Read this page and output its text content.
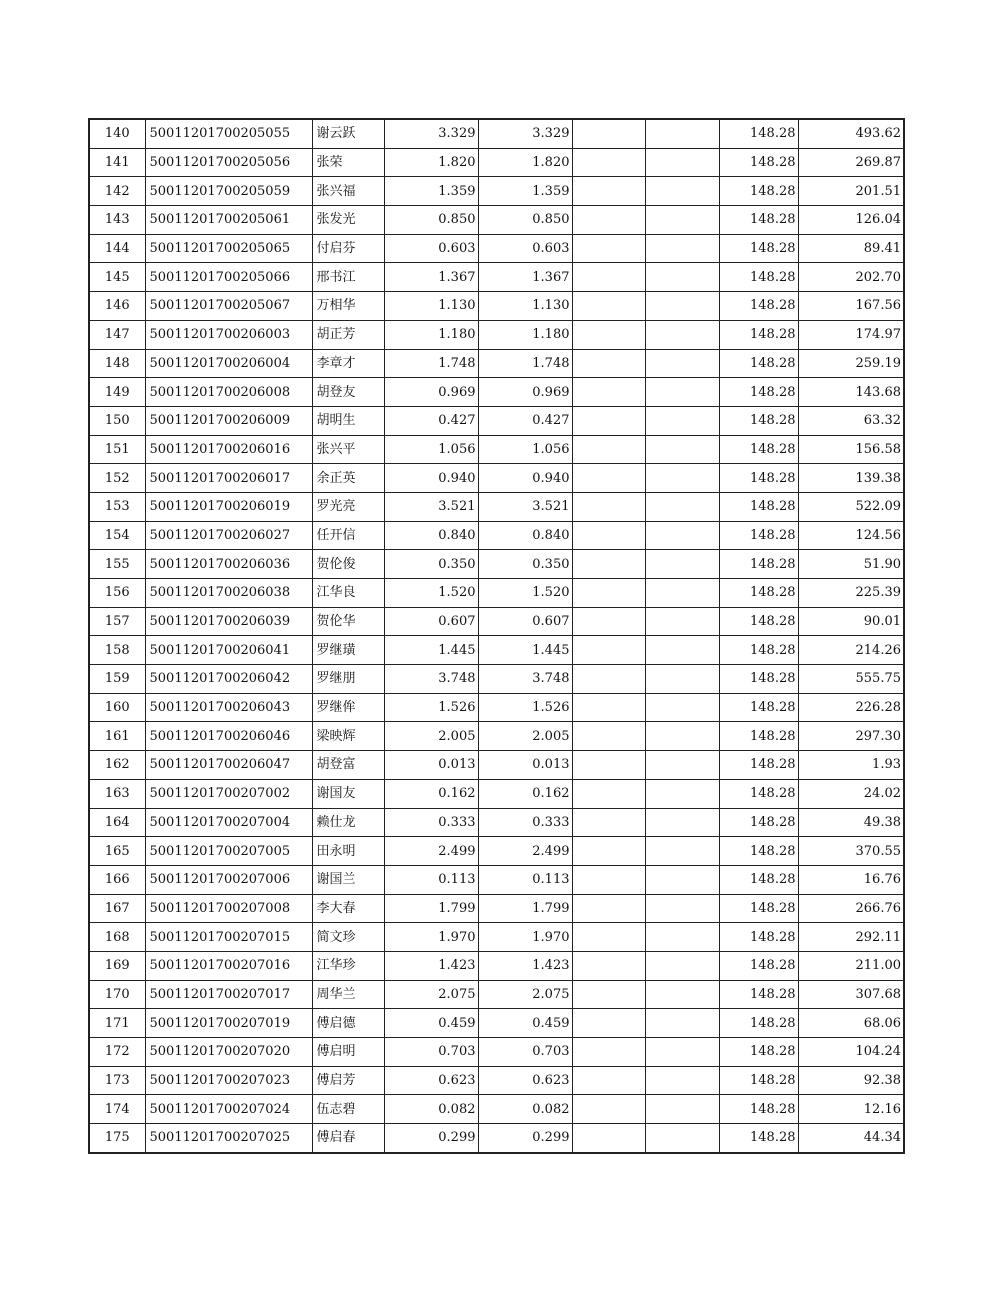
140	50011201700205055	谢云跃	3.329	3.329			148.28	493.62
141	50011201700205056	张荣	1.820	1.820			148.28	269.87
142	50011201700205059	张兴福	1.359	1.359			148.28	201.51
143	50011201700205061	张发光	0.850	0.850			148.28	126.04
144	50011201700205065	付启芬	0.603	0.603			148.28	89.41
145	50011201700205066	邢书江	1.367	1.367			148.28	202.70
146	50011201700205067	万相华	1.130	1.130			148.28	167.56
147	50011201700206003	胡正芳	1.180	1.180			148.28	174.97
148	50011201700206004	李章才	1.748	1.748			148.28	259.19
149	50011201700206008	胡登友	0.969	0.969			148.28	143.68
150	50011201700206009	胡明生	0.427	0.427			148.28	63.32
151	50011201700206016	张兴平	1.056	1.056			148.28	156.58
152	50011201700206017	余正英	0.940	0.940			148.28	139.38
153	50011201700206019	罗光亮	3.521	3.521			148.28	522.09
154	50011201700206027	任开信	0.840	0.840			148.28	124.56
155	50011201700206036	贺伦俊	0.350	0.350			148.28	51.90
156	50011201700206038	江华良	1.520	1.520			148.28	225.39
157	50011201700206039	贺伦华	0.607	0.607			148.28	90.01
158	50011201700206041	罗继璜	1.445	1.445			148.28	214.26
159	50011201700206042	罗继朋	3.748	3.748			148.28	555.75
160	50011201700206043	罗继侔	1.526	1.526			148.28	226.28
161	50011201700206046	梁映辉	2.005	2.005			148.28	297.30
162	50011201700206047	胡登富	0.013	0.013			148.28	1.93
163	50011201700207002	谢国友	0.162	0.162			148.28	24.02
164	50011201700207004	赖仕龙	0.333	0.333			148.28	49.38
165	50011201700207005	田永明	2.499	2.499			148.28	370.55
166	50011201700207006	谢国兰	0.113	0.113			148.28	16.76
167	50011201700207008	李大春	1.799	1.799			148.28	266.76
168	50011201700207015	简文珍	1.970	1.970			148.28	292.11
169	50011201700207016	江华珍	1.423	1.423			148.28	211.00
170	50011201700207017	周华兰	2.075	2.075			148.28	307.68
171	50011201700207019	傅启德	0.459	0.459			148.28	68.06
172	50011201700207020	傅启明	0.703	0.703			148.28	104.24
173	50011201700207023	傅启芳	0.623	0.623			148.28	92.38
174	50011201700207024	伍志碧	0.082	0.082			148.28	12.16
175	50011201700207025	傅启春	0.299	0.299			148.28	44.34
